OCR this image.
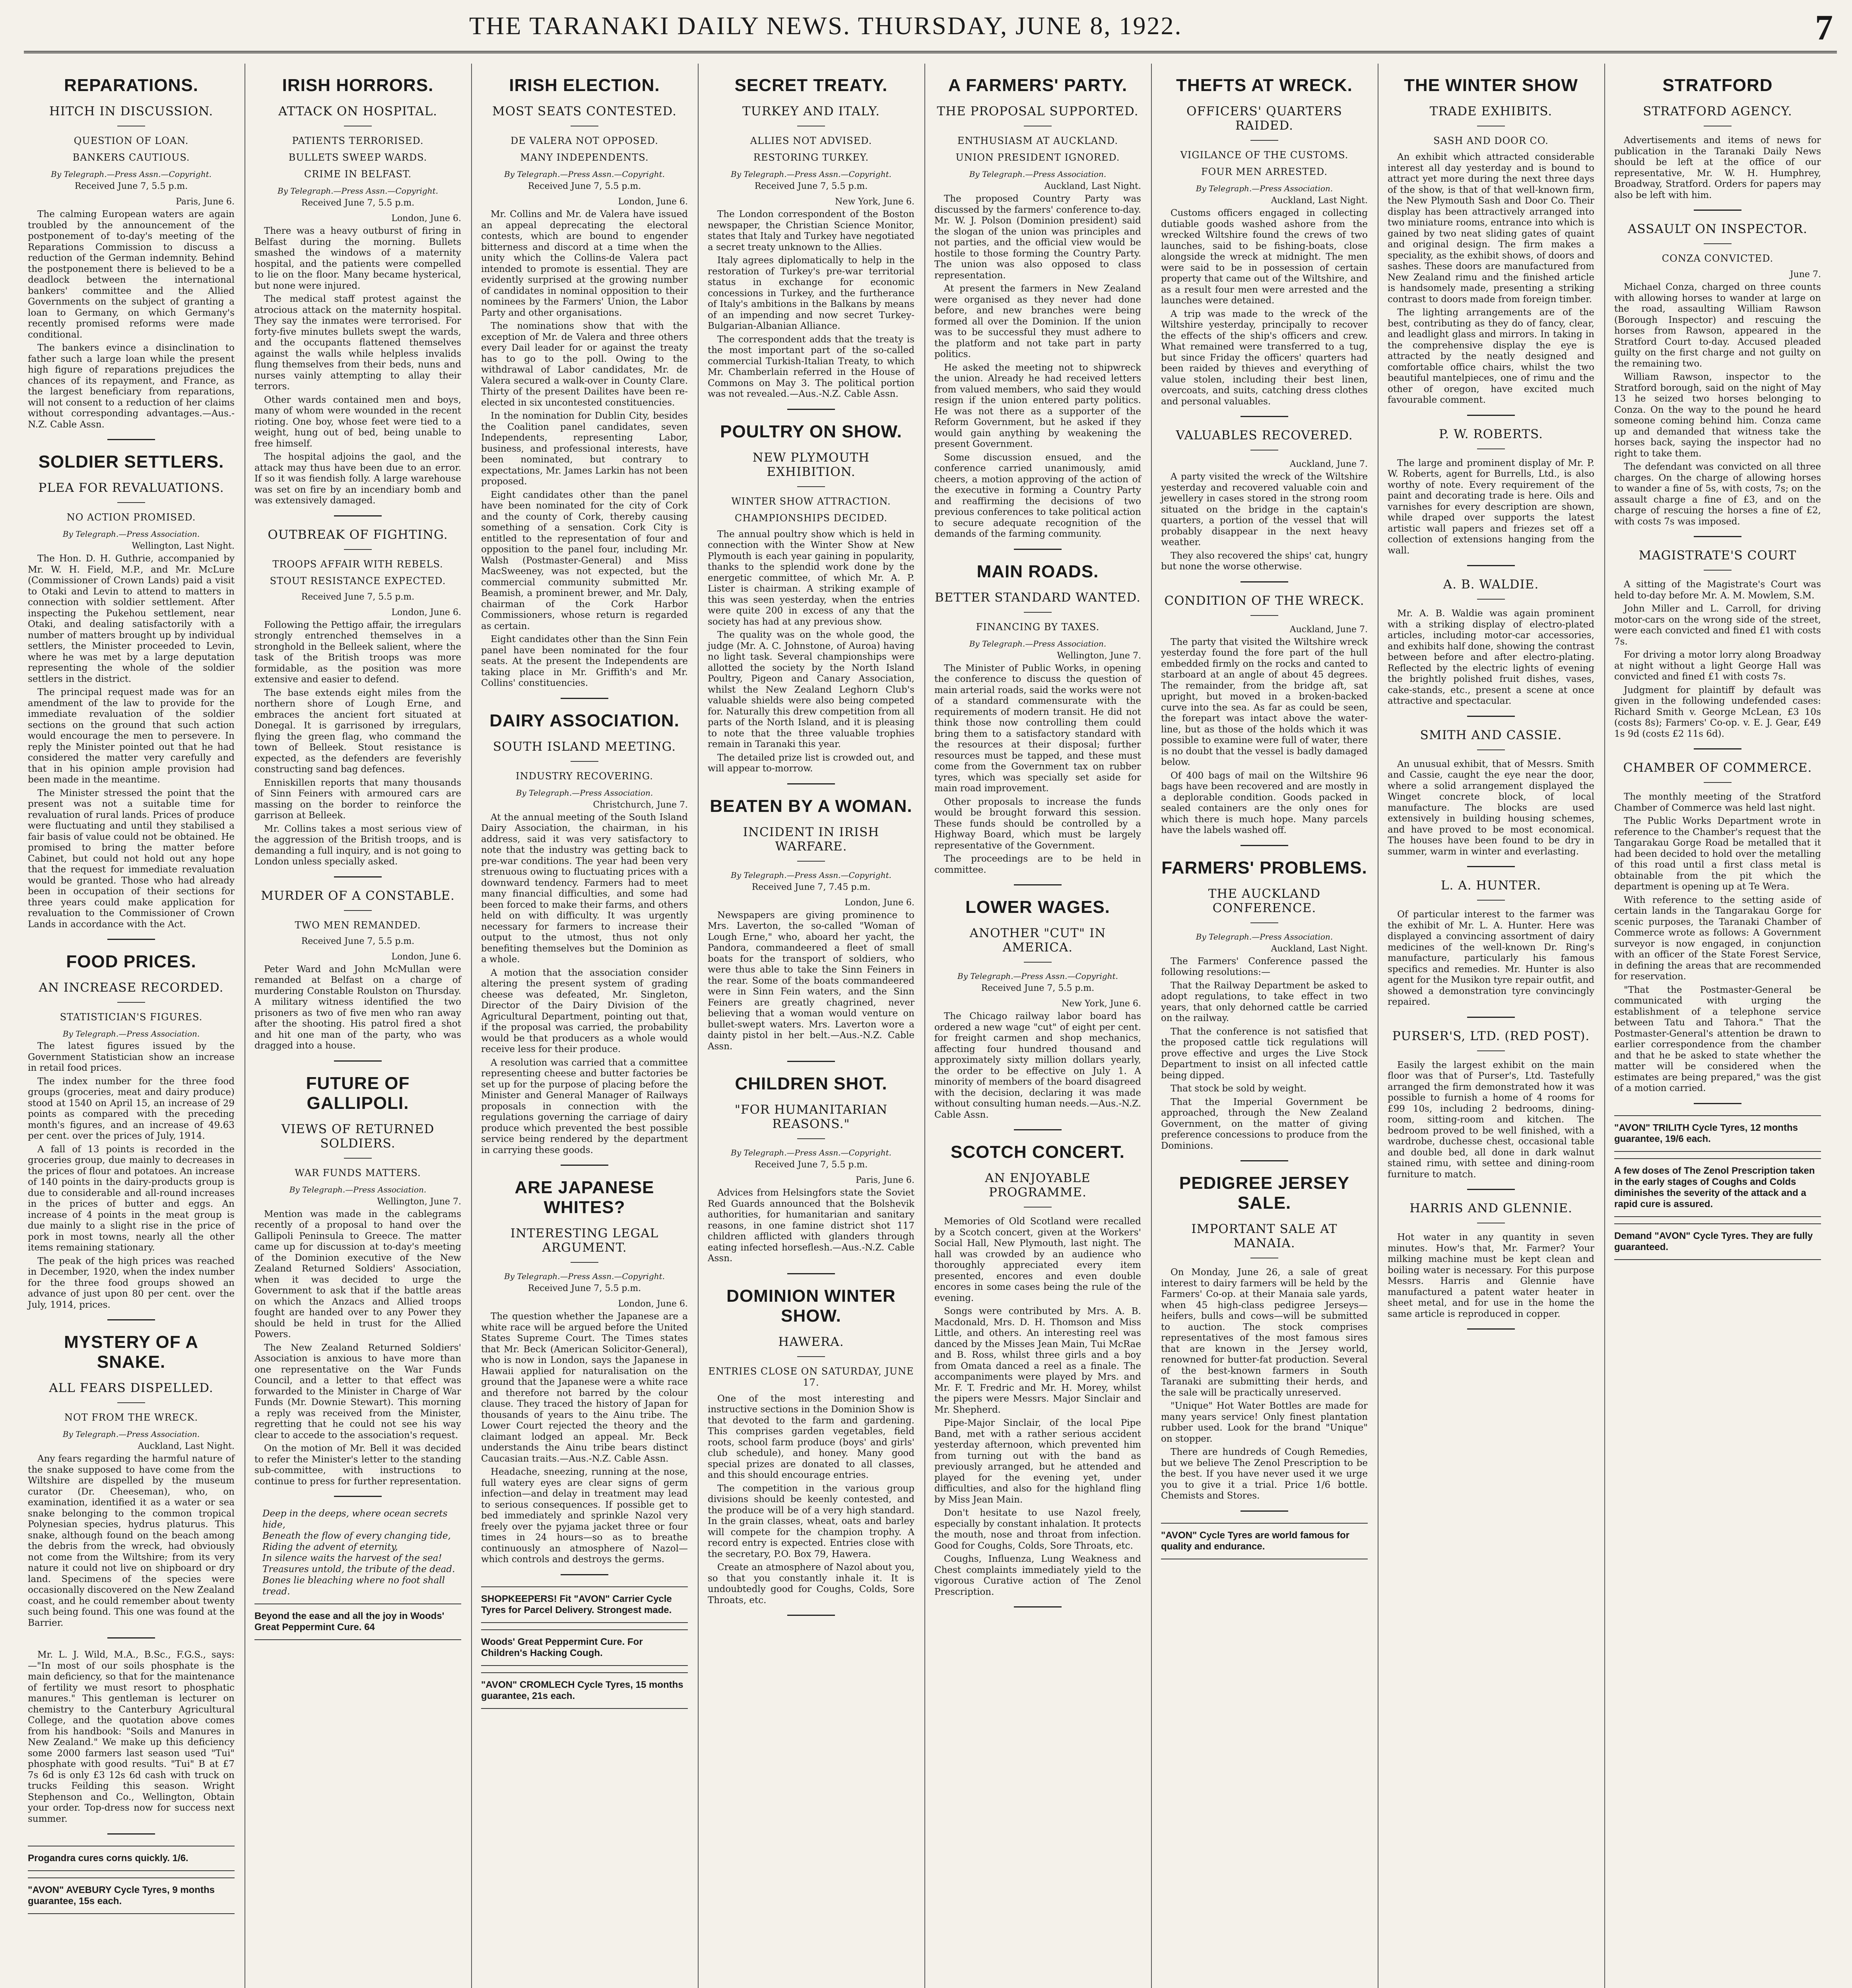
THE TARANAKI DAILY NEWS. THURSDAY, JUNE 8, 1922.	7
REPARATIONS.
HITCH IN DISCUSSION.
QUESTION OF LOAN.
BANKERS CAUTIOUS.
By Telegraph.—Press Assn.—Copyright.
Received June 7, 5.5 p.m.
Paris, June 6.

The calming European waters are again troubled by the announcement of the postponement of to-day's meeting of the Reparations Commission to discuss a reduction of the German indemnity. Behind the postponement there is believed to be a deadlock between the international bankers' committee and the Allied Governments on the subject of granting a loan to Germany, on which Germany's recently promised reforms were made conditional.

The bankers evince a disinclination to father such a large loan while the present high figure of reparations prejudices the chances of its repayment, and France, as the largest beneficiary from reparations, will not consent to a reduction of her claims without corresponding advantages.—Aus.-N.Z. Cable Assn.

SOLDIER SETTLERS.
PLEA FOR REVALUATIONS.
NO ACTION PROMISED.
By Telegraph.—Press Association.
Wellington, Last Night.

The Hon. D. H. Guthrie, accompanied by Mr. W. H. Field, M.P., and Mr. McLure (Commissioner of Crown Lands) paid a visit to Otaki and Levin to attend to matters in connection with soldier settlement. After inspecting the Pukehou settlement, near Otaki, and dealing satisfactorily with a number of matters brought up by individual settlers, the Minister proceeded to Levin, where he was met by a large deputation representing the whole of the soldier settlers in the district.

The principal request made was for an amendment of the law to provide for the immediate revaluation of the soldier sections on the ground that such action would encourage the men to persevere. In reply the Minister pointed out that he had considered the matter very carefully and that in his opinion ample provision had been made in the meantime.

The Minister stressed the point that the present was not a suitable time for revaluation of rural lands. Prices of produce were fluctuating and until they stabilised a fair basis of value could not be obtained. He promised to bring the matter before Cabinet, but could not hold out any hope that the request for immediate revaluation would be granted. Those who had already been in occupation of their sections for three years could make application for revaluation to the Commissioner of Crown Lands in accordance with the Act.

FOOD PRICES.
AN INCREASE RECORDED.
STATISTICIAN'S FIGURES.
By Telegraph.—Press Association.

The latest figures issued by the Government Statistician show an increase in retail food prices.

The index number for the three food groups (groceries, meat and dairy produce) stood at 1540 on April 15, an increase of 29 points as compared with the preceding month's figures, and an increase of 49.63 per cent. over the prices of July, 1914.

A fall of 13 points is recorded in the groceries group, due mainly to decreases in the prices of flour and potatoes. An increase of 140 points in the dairy-products group is due to considerable and all-round increases in the prices of butter and eggs. An increase of 4 points in the meat group is due mainly to a slight rise in the price of pork in most towns, nearly all the other items remaining stationary.

The peak of the high prices was reached in December, 1920, when the index number for the three food groups showed an advance of just upon 80 per cent. over the July, 1914, prices.

MYSTERY OF A SNAKE.
ALL FEARS DISPELLED.
NOT FROM THE WRECK.
By Telegraph.—Press Association.
Auckland, Last Night.

Any fears regarding the harmful nature of the snake supposed to have come from the Wiltshire are dispelled by the museum curator (Dr. Cheeseman), who, on examination, identified it as a water or sea snake belonging to the common tropical Polynesian species, hydrus platurus. This snake, although found on the beach among the debris from the wreck, had obviously not come from the Wiltshire; from its very nature it could not live on shipboard or dry land. Specimens of the species were occasionally discovered on the New Zealand coast, and he could remember about twenty such being found. This one was found at the Barrier.

Mr. L. J. Wild, M.A., B.Sc., F.G.S., says:—"In most of our soils phosphate is the main deficiency, so that for the maintenance of fertility we must resort to phosphatic manures." This gentleman is lecturer on chemistry to the Canterbury Agricultural College, and the quotation above comes from his handbook: "Soils and Manures in New Zealand." We make up this deficiency some 2000 farmers last season used "Tui" phosphate with good results. "Tui" B at £7 7s 6d is only £3 12s 6d cash with truck on trucks Feilding this season. Wright Stephenson and Co., Wellington, Obtain your order. Top-dress now for success next summer.

Progandra cures corns quickly. 1/6.
"AVON" AVEBURY Cycle Tyres, 9 months guarantee, 15s each.
IRISH HORRORS.
ATTACK ON HOSPITAL.
PATIENTS TERRORISED.
BULLETS SWEEP WARDS.
CRIME IN BELFAST.
By Telegraph.—Press Assn.—Copyright.
Received June 7, 5.5 p.m.
London, June 6.

There was a heavy outburst of firing in Belfast during the morning. Bullets smashed the windows of a maternity hospital, and the patients were compelled to lie on the floor. Many became hysterical, but none were injured.

The medical staff protest against the atrocious attack on the maternity hospital. They say the inmates were terrorised. For forty-five minutes bullets swept the wards, and the occupants flattened themselves against the walls while helpless invalids flung themselves from their beds, nuns and nurses vainly attempting to allay their terrors.

Other wards contained men and boys, many of whom were wounded in the recent rioting. One boy, whose feet were tied to a weight, hung out of bed, being unable to free himself.

The hospital adjoins the gaol, and the attack may thus have been due to an error. If so it was fiendish folly. A large warehouse was set on fire by an incendiary bomb and was extensively damaged.

OUTBREAK OF FIGHTING.
TROOPS AFFAIR WITH REBELS.
STOUT RESISTANCE EXPECTED.
Received June 7, 5.5 p.m.
London, June 6.

Following the Pettigo affair, the irregulars strongly entrenched themselves in a stronghold in the Belleek salient, where the task of the British troops was more formidable, as the position was more extensive and easier to defend.

The base extends eight miles from the northern shore of Lough Erne, and embraces the ancient fort situated at Donegal. It is garrisoned by irregulars, flying the green flag, who command the town of Belleek. Stout resistance is expected, as the defenders are feverishly constructing sand bag defences.

Enniskillen reports that many thousands of Sinn Feiners with armoured cars are massing on the border to reinforce the garrison at Belleek.

Mr. Collins takes a most serious view of the aggression of the British troops, and is demanding a full inquiry, and is not going to London unless specially asked.

MURDER OF A CONSTABLE.
TWO MEN REMANDED.
Received June 7, 5.5 p.m.
London, June 6.

Peter Ward and John McMullan were remanded at Belfast on a charge of murdering Constable Roulston on Thursday. A military witness identified the two prisoners as two of five men who ran away after the shooting. His patrol fired a shot and hit one man of the party, who was dragged into a house.

FUTURE OF GALLIPOLI.
VIEWS OF RETURNED SOLDIERS.
WAR FUNDS MATTERS.
By Telegraph.—Press Association.
Wellington, June 7.

Mention was made in the cablegrams recently of a proposal to hand over the Gallipoli Peninsula to Greece. The matter came up for discussion at to-day's meeting of the Dominion executive of the New Zealand Returned Soldiers' Association, when it was decided to urge the Government to ask that if the battle areas on which the Anzacs and Allied troops fought are handed over to any Power they should be held in trust for the Allied Powers.

The New Zealand Returned Soldiers' Association is anxious to have more than one representative on the War Funds Council, and a letter to that effect was forwarded to the Minister in Charge of War Funds (Mr. Downie Stewart). This morning a reply was received from the Minister, regretting that he could not see his way clear to accede to the association's request.

On the motion of Mr. Bell it was decided to refer the Minister's letter to the standing sub-committee, with instructions to continue to press for further representation.

Deep in the deeps, where ocean secrets hide,
Beneath the flow of every changing tide,
Riding the advent of eternity,
In silence waits the harvest of the sea!
Treasures untold, the tribute of the dead.
Bones lie bleaching where no foot shall tread.
Beyond the ease and all the joy in Woods' Great Peppermint Cure. 64
IRISH ELECTION.
MOST SEATS CONTESTED.
DE VALERA NOT OPPOSED.
MANY INDEPENDENTS.
By Telegraph.—Press Assn.—Copyright.
Received June 7, 5.5 p.m.
London, June 6.

Mr. Collins and Mr. de Valera have issued an appeal deprecating the electoral contests, which are bound to engender bitterness and discord at a time when the unity which the Collins-de Valera pact intended to promote is essential. They are evidently surprised at the growing number of candidates in nominal opposition to their nominees by the Farmers' Union, the Labor Party and other organisations.

The nominations show that with the exception of Mr. de Valera and three others every Dail leader for or against the treaty has to go to the poll. Owing to the withdrawal of Labor candidates, Mr. de Valera secured a walk-over in County Clare. Thirty of the present Dailites have been re-elected in six uncontested constituencies.

In the nomination for Dublin City, besides the Coalition panel candidates, seven Independents, representing Labor, business, and professional interests, have been nominated, but contrary to expectations, Mr. James Larkin has not been proposed.

Eight candidates other than the panel have been nominated for the city of Cork and the county of Cork, thereby causing something of a sensation. Cork City is entitled to the representation of four and opposition to the panel four, including Mr. Walsh (Postmaster-General) and Miss MacSweeney, was not expected, but the commercial community submitted Mr. Beamish, a prominent brewer, and Mr. Daly, chairman of the Cork Harbor Commissioners, whose return is regarded as certain.

Eight candidates other than the Sinn Fein panel have been nominated for the four seats. At the present the Independents are taking place in Mr. Griffith's and Mr. Collins' constituencies.

DAIRY ASSOCIATION.
SOUTH ISLAND MEETING.
INDUSTRY RECOVERING.
By Telegraph.—Press Association.
Christchurch, June 7.

At the annual meeting of the South Island Dairy Association, the chairman, in his address, said it was very satisfactory to note that the industry was getting back to pre-war conditions. The year had been very strenuous owing to fluctuating prices with a downward tendency. Farmers had to meet many financial difficulties, and some had been forced to make their farms, and others held on with difficulty. It was urgently necessary for farmers to increase their output to the utmost, thus not only benefiting themselves but the Dominion as a whole.

A motion that the association consider altering the present system of grading cheese was defeated, Mr. Singleton, Director of the Dairy Division of the Agricultural Department, pointing out that, if the proposal was carried, the probability would be that producers as a whole would receive less for their produce.

A resolution was carried that a committee representing cheese and butter factories be set up for the purpose of placing before the Minister and General Manager of Railways proposals in connection with the regulations governing the carriage of dairy produce which prevented the best possible service being rendered by the department in carrying these goods.

ARE JAPANESE WHITES?
INTERESTING LEGAL ARGUMENT.
By Telegraph.—Press Assn.—Copyright.
Received June 7, 5.5 p.m.
London, June 6.

The question whether the Japanese are a white race will be argued before the United States Supreme Court. The Times states that Mr. Beck (American Solicitor-General), who is now in London, says the Japanese in Hawaii applied for naturalisation on the ground that the Japanese were a white race and therefore not barred by the colour clause. They traced the history of Japan for thousands of years to the Ainu tribe. The Lower Court rejected the theory and the claimant lodged an appeal. Mr. Beck understands the Ainu tribe bears distinct Caucasian traits.—Aus.-N.Z. Cable Assn.

Headache, sneezing, running at the nose, full watery eyes are clear signs of germ infection—and delay in treatment may lead to serious consequences. If possible get to bed immediately and sprinkle Nazol very freely over the pyjama jacket three or four times in 24 hours—so as to breathe continuously an atmosphere of Nazol—which controls and destroys the germs.

SHOPKEEPERS! Fit "AVON" Carrier Cycle Tyres for Parcel Delivery. Strongest made.
Woods' Great Peppermint Cure. For Children's Hacking Cough.
"AVON" CROMLECH Cycle Tyres, 15 months guarantee, 21s each.
SECRET TREATY.
TURKEY AND ITALY.
ALLIES NOT ADVISED.
RESTORING TURKEY.
By Telegraph.—Press Assn.—Copyright.
Received June 7, 5.5 p.m.
New York, June 6.

The London correspondent of the Boston newspaper, the Christian Science Monitor, states that Italy and Turkey have negotiated a secret treaty unknown to the Allies.

Italy agrees diplomatically to help in the restoration of Turkey's pre-war territorial status in exchange for economic concessions in Turkey, and the furtherance of Italy's ambitions in the Balkans by means of an impending and now secret Turkey-Bulgarian-Albanian Alliance.

The correspondent adds that the treaty is the most important part of the so-called commercial Turkish-Italian Treaty, to which Mr. Chamberlain referred in the House of Commons on May 3. The political portion was not revealed.—Aus.-N.Z. Cable Assn.

POULTRY ON SHOW.
NEW PLYMOUTH EXHIBITION.
WINTER SHOW ATTRACTION.
CHAMPIONSHIPS DECIDED.

The annual poultry show which is held in connection with the Winter Show at New Plymouth is each year gaining in popularity, thanks to the splendid work done by the energetic committee, of which Mr. A. P. Lister is chairman. A striking example of this was seen yesterday, when the entries were quite 200 in excess of any that the society has had at any previous show.

The quality was on the whole good, the judge (Mr. A. C. Johnstone, of Auroa) having no light task. Several championships were allotted the society by the North Island Poultry, Pigeon and Canary Association, whilst the New Zealand Leghorn Club's valuable shields were also being competed for. Naturally this drew competition from all parts of the North Island, and it is pleasing to note that the three valuable trophies remain in Taranaki this year.

The detailed prize list is crowded out, and will appear to-morrow.

BEATEN BY A WOMAN.
INCIDENT IN IRISH WARFARE.
By Telegraph.—Press Assn.—Copyright.
Received June 7, 7.45 p.m.
London, June 6.

Newspapers are giving prominence to Mrs. Laverton, the so-called "Woman of Lough Erne," who, aboard her yacht, the Pandora, commandeered a fleet of small boats for the transport of soldiers, who were thus able to take the Sinn Feiners in the rear. Some of the boats commandeered were in Sinn Fein waters, and the Sinn Feiners are greatly chagrined, never believing that a woman would venture on bullet-swept waters. Mrs. Laverton wore a dainty pistol in her belt.—Aus.-N.Z. Cable Assn.

CHILDREN SHOT.
"FOR HUMANITARIAN REASONS."
By Telegraph.—Press Assn.—Copyright.
Received June 7, 5.5 p.m.
Paris, June 6.

Advices from Helsingfors state the Soviet Red Guards announced that the Bolshevik authorities, for humanitarian and sanitary reasons, in one famine district shot 117 children afflicted with glanders through eating infected horseflesh.—Aus.-N.Z. Cable Assn.

DOMINION WINTER SHOW.
HAWERA.
ENTRIES CLOSE ON SATURDAY, JUNE 17.

One of the most interesting and instructive sections in the Dominion Show is that devoted to the farm and gardening. This comprises garden vegetables, field roots, school farm produce (boys' and girls' club schedule), and honey. Many good special prizes are donated to all classes, and this should encourage entries.

The competition in the various group divisions should be keenly contested, and the produce will be of a very high standard. In the grain classes, wheat, oats and barley will compete for the champion trophy. A record entry is expected. Entries close with the secretary, P.O. Box 79, Hawera.

Create an atmosphere of Nazol about you, so that you constantly inhale it. It is undoubtedly good for Coughs, Colds, Sore Throats, etc.

A FARMERS' PARTY.
THE PROPOSAL SUPPORTED.
ENTHUSIASM AT AUCKLAND.
UNION PRESIDENT IGNORED.
By Telegraph.—Press Association.
Auckland, Last Night.

The proposed Country Party was discussed by the farmers' conference to-day. Mr. W. J. Polson (Dominion president) said the slogan of the union was principles and not parties, and the official view would be hostile to those forming the Country Party. The union was also opposed to class representation.

At present the farmers in New Zealand were organised as they never had done before, and new branches were being formed all over the Dominion. If the union was to be successful they must adhere to the platform and not take part in party politics.

He asked the meeting not to shipwreck the union. Already he had received letters from valued members, who said they would resign if the union entered party politics. He was not there as a supporter of the Reform Government, but he asked if they would gain anything by weakening the present Government.

Some discussion ensued, and the conference carried unanimously, amid cheers, a motion approving of the action of the executive in forming a Country Party and reaffirming the decisions of two previous conferences to take political action to secure adequate recognition of the demands of the farming community.

MAIN ROADS.
BETTER STANDARD WANTED.
FINANCING BY TAXES.
By Telegraph.—Press Association.
Wellington, June 7.

The Minister of Public Works, in opening the conference to discuss the question of main arterial roads, said the works were not of a standard commensurate with the requirements of modern transit. He did not think those now controlling them could bring them to a satisfactory standard with the resources at their disposal; further resources must be tapped, and these must come from the Government tax on rubber tyres, which was specially set aside for main road improvement.

Other proposals to increase the funds would be brought forward this session. These funds should be controlled by a Highway Board, which must be largely representative of the Government.

The proceedings are to be held in committee.

LOWER WAGES.
ANOTHER "CUT" IN AMERICA.
By Telegraph.—Press Assn.—Copyright.
Received June 7, 5.5 p.m.
New York, June 6.

The Chicago railway labor board has ordered a new wage "cut" of eight per cent. for freight carmen and shop mechanics, affecting four hundred thousand and approximately sixty million dollars yearly, the order to be effective on July 1. A minority of members of the board disagreed with the decision, declaring it was made without consulting human needs.—Aus.-N.Z. Cable Assn.

SCOTCH CONCERT.
AN ENJOYABLE PROGRAMME.

Memories of Old Scotland were recalled by a Scotch concert, given at the Workers' Social Hall, New Plymouth, last night. The hall was crowded by an audience who thoroughly appreciated every item presented, encores and even double encores in some cases being the rule of the evening.

Songs were contributed by Mrs. A. B. Macdonald, Mrs. D. H. Thomson and Miss Little, and others. An interesting reel was danced by the Misses Jean Main, Tui McRae and B. Ross, whilst three girls and a boy from Omata danced a reel as a finale. The accompaniments were played by Mrs. and Mr. F. T. Fredric and Mr. H. Morey, whilst the pipers were Messrs. Major Sinclair and Mr. Shepherd.

Pipe-Major Sinclair, of the local Pipe Band, met with a rather serious accident yesterday afternoon, which prevented him from turning out with the band as previously arranged, but he attended and played for the evening yet, under difficulties, and also for the highland fling by Miss Jean Main.

Don't hesitate to use Nazol freely, especially by constant inhalation. It protects the mouth, nose and throat from infection. Good for Coughs, Colds, Sore Throats, etc.

Coughs, Influenza, Lung Weakness and Chest complaints immediately yield to the vigorous Curative action of The Zenol Prescription.

THEFTS AT WRECK.
OFFICERS' QUARTERS RAIDED.
VIGILANCE OF THE CUSTOMS.
FOUR MEN ARRESTED.
By Telegraph.—Press Association.
Auckland, Last Night.

Customs officers engaged in collecting dutiable goods washed ashore from the wrecked Wiltshire found the crews of two launches, said to be fishing-boats, close alongside the wreck at midnight. The men were said to be in possession of certain property that came out of the Wiltshire, and as a result four men were arrested and the launches were detained.

A trip was made to the wreck of the Wiltshire yesterday, principally to recover the effects of the ship's officers and crew. What remained were transferred to a tug, but since Friday the officers' quarters had been raided by thieves and everything of value stolen, including their best linen, overcoats, and suits, catching dress clothes and personal valuables.

VALUABLES RECOVERED.
Auckland, June 7.

A party visited the wreck of the Wiltshire yesterday and recovered valuable coin and jewellery in cases stored in the strong room situated on the bridge in the captain's quarters, a portion of the vessel that will probably disappear in the next heavy weather.

They also recovered the ships' cat, hungry but none the worse otherwise.

CONDITION OF THE WRECK.
Auckland, June 7.

The party that visited the Wiltshire wreck yesterday found the fore part of the hull embedded firmly on the rocks and canted to starboard at an angle of about 45 degrees. The remainder, from the bridge aft, sat upright, but moved in a broken-backed curve into the sea. As far as could be seen, the forepart was intact above the water-line, but as those of the holds which it was possible to examine were full of water, there is no doubt that the vessel is badly damaged below.

Of 400 bags of mail on the Wiltshire 96 bags have been recovered and are mostly in a deplorable condition. Goods packed in sealed containers are the only ones for which there is much hope. Many parcels have the labels washed off.

FARMERS' PROBLEMS.
THE AUCKLAND CONFERENCE.
By Telegraph.—Press Association.
Auckland, Last Night.

The Farmers' Conference passed the following resolutions:—

That the Railway Department be asked to adopt regulations, to take effect in two years, that only dehorned cattle be carried on the railway.

That the conference is not satisfied that the proposed cattle tick regulations will prove effective and urges the Live Stock Department to insist on all infected cattle being dipped.

That stock be sold by weight.

That the Imperial Government be approached, through the New Zealand Government, on the matter of giving preference concessions to produce from the Dominions.

PEDIGREE JERSEY SALE.
IMPORTANT SALE AT MANAIA.

On Monday, June 26, a sale of great interest to dairy farmers will be held by the Farmers' Co-op. at their Manaia sale yards, when 45 high-class pedigree Jerseys—heifers, bulls and cows—will be submitted to auction. The stock comprises representatives of the most famous sires that are known in the Jersey world, renowned for butter-fat production. Several of the best-known farmers in South Taranaki are submitting their herds, and the sale will be practically unreserved.

"Unique" Hot Water Bottles are made for many years service! Only finest plantation rubber used. Look for the brand "Unique" on stopper.

There are hundreds of Cough Remedies, but we believe The Zenol Prescription to be the best. If you have never used it we urge you to give it a trial. Price 1/6 bottle. Chemists and Stores.

"AVON" Cycle Tyres are world famous for quality and endurance.
THE WINTER SHOW
TRADE EXHIBITS.
SASH AND DOOR CO.

An exhibit which attracted considerable interest all day yesterday and is bound to attract yet more during the next three days of the show, is that of that well-known firm, the New Plymouth Sash and Door Co. Their display has been attractively arranged into two miniature rooms, entrance into which is gained by two neat sliding gates of quaint and original design. The firm makes a speciality, as the exhibit shows, of doors and sashes. These doors are manufactured from New Zealand rimu and the finished article is handsomely made, presenting a striking contrast to doors made from foreign timber.

The lighting arrangements are of the best, contributing as they do of fancy, clear, and leadlight glass and mirrors. In taking in the comprehensive display the eye is attracted by the neatly designed and comfortable office chairs, whilst the two beautiful mantelpieces, one of rimu and the other of oregon, have excited much favourable comment.

P. W. ROBERTS.

The large and prominent display of Mr. P. W. Roberts, agent for Burrells, Ltd., is also worthy of note. Every requirement of the paint and decorating trade is here. Oils and varnishes for every description are shown, while draped over supports the latest artistic wall papers and friezes set off a collection of extensions hanging from the wall.

A. B. WALDIE.

Mr. A. B. Waldie was again prominent with a striking display of electro-plated articles, including motor-car accessories, and exhibits half done, showing the contrast between before and after electro-plating. Reflected by the electric lights of evening the brightly polished fruit dishes, vases, cake-stands, etc., present a scene at once attractive and spectacular.

SMITH AND CASSIE.

An unusual exhibit, that of Messrs. Smith and Cassie, caught the eye near the door, where a solid arrangement displayed the Winget concrete block, of local manufacture. The blocks are used extensively in building housing schemes, and have proved to be most economical. The houses have been found to be dry in summer, warm in winter and everlasting.

L. A. HUNTER.

Of particular interest to the farmer was the exhibit of Mr. L. A. Hunter. Here was displayed a convincing assortment of dairy medicines of the well-known Dr. Ring's manufacture, particularly his famous specifics and remedies. Mr. Hunter is also agent for the Musikon tyre repair outfit, and showed a demonstration tyre convincingly repaired.

PURSER'S, LTD. (RED POST).

Easily the largest exhibit on the main floor was that of Purser's, Ltd. Tastefully arranged the firm demonstrated how it was possible to furnish a home of 4 rooms for £99 10s, including 2 bedrooms, dining-room, sitting-room and kitchen. The bedroom proved to be well finished, with a wardrobe, duchesse chest, occasional table and double bed, all done in dark walnut stained rimu, with settee and dining-room furniture to match.

HARRIS AND GLENNIE.

Hot water in any quantity in seven minutes. How's that, Mr. Farmer? Your milking machine must be kept clean and boiling water is necessary. For this purpose Messrs. Harris and Glennie have manufactured a patent water heater in sheet metal, and for use in the home the same article is reproduced in copper.

STRATFORD
STRATFORD AGENCY.

Advertisements and items of news for publication in the Taranaki Daily News should be left at the office of our representative, Mr. W. H. Humphrey, Broadway, Stratford. Orders for papers may also be left with him.

ASSAULT ON INSPECTOR.
CONZA CONVICTED.
June 7.

Michael Conza, charged on three counts with allowing horses to wander at large on the road, assaulting William Rawson (Borough Inspector) and rescuing the horses from Rawson, appeared in the Stratford Court to-day. Accused pleaded guilty on the first charge and not guilty on the remaining two.

William Rawson, inspector to the Stratford borough, said on the night of May 13 he seized two horses belonging to Conza. On the way to the pound he heard someone coming behind him. Conza came up and demanded that witness take the horses back, saying the inspector had no right to take them.

The defendant was convicted on all three charges. On the charge of allowing horses to wander a fine of 5s, with costs, 7s; on the assault charge a fine of £3, and on the charge of rescuing the horses a fine of £2, with costs 7s was imposed.

MAGISTRATE'S COURT

A sitting of the Magistrate's Court was held to-day before Mr. A. M. Mowlem, S.M.

John Miller and L. Carroll, for driving motor-cars on the wrong side of the street, were each convicted and fined £1 with costs 7s.

For driving a motor lorry along Broadway at night without a light George Hall was convicted and fined £1 with costs 7s.

Judgment for plaintiff by default was given in the following undefended cases: Richard Smith v. George McLean, £3 10s (costs 8s); Farmers' Co-op. v. E. J. Gear, £49 1s 9d (costs £2 11s 6d).

CHAMBER OF COMMERCE.

The monthly meeting of the Stratford Chamber of Commerce was held last night.

The Public Works Department wrote in reference to the Chamber's request that the Tangarakau Gorge Road be metalled that it had been decided to hold over the metalling of this road until a first class metal is obtainable from the pit which the department is opening up at Te Wera.

With reference to the setting aside of certain lands in the Tangarakau Gorge for scenic purposes, the Taranaki Chamber of Commerce wrote as follows: A Government surveyor is now engaged, in conjunction with an officer of the State Forest Service, in defining the areas that are recommended for reservation.

"That the Postmaster-General be communicated with urging the establishment of a telephone service between Tatu and Tahora." That the Postmaster-General's attention be drawn to earlier correspondence from the chamber and that he be asked to state whether the matter will be considered when the estimates are being prepared," was the gist of a motion carried.

"AVON" TRILITH Cycle Tyres, 12 months guarantee, 19/6 each.
A few doses of The Zenol Prescription taken in the early stages of Coughs and Colds diminishes the severity of the attack and a rapid cure is assured.
Demand "AVON" Cycle Tyres. They are fully guaranteed.
